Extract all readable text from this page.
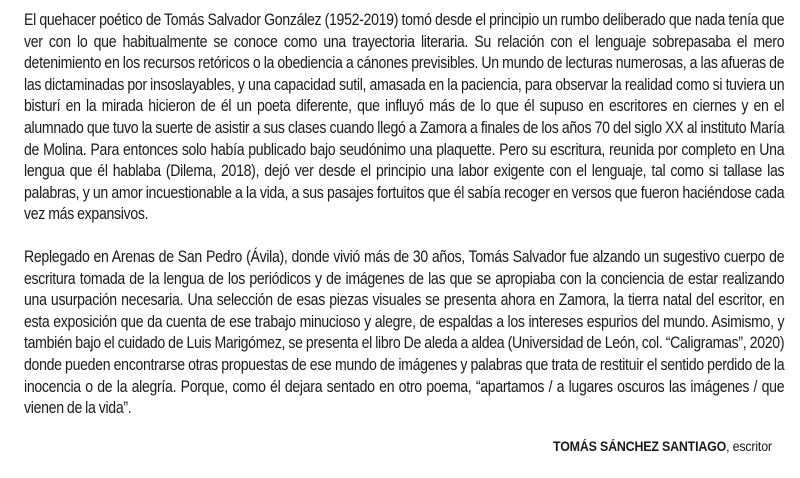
El quehacer poético de Tomás Salvador González (1952-2019) tomó desde el principio un rumbo deliberado que nada tenía que ver con lo que habitualmente se conoce como una trayectoria literaria. Su relación con el lenguaje sobrepasaba el mero detenimiento en los recursos retóricos o la obediencia a cánones previsibles. Un mundo de lecturas numerosas, a las afueras de las dictaminadas por insoslayables, y una capacidad sutil, amasada en la paciencia, para observar la realidad como si tuviera un bisturí en la mirada hicieron de él un poeta diferente, que influyó más de lo que él supuso en escritores en ciernes y en el alumnado que tuvo la suerte de asistir a sus clases cuando llegó a Zamora a finales de los años 70 del siglo XX al instituto María de Molina. Para entonces solo había publicado bajo seudónimo una plaquette. Pero su escritura, reunida por completo en Una lengua que él hablaba (Dilema, 2018), dejó ver desde el principio una labor exigente con el lenguaje, tal como si tallase las palabras, y un amor incuestionable a la vida, a sus pasajes fortuitos que él sabía recoger en versos que fueron haciéndose cada vez más expansivos.

Replegado en Arenas de San Pedro (Ávila), donde vivió más de 30 años, Tomás Salvador fue alzando un sugestivo cuerpo de escritura tomada de la lengua de los periódicos y de imágenes de las que se apropiaba con la conciencia de estar realizando una usurpación necesaria. Una selección de esas piezas visuales se presenta ahora en Zamora, la tierra natal del escritor, en esta exposición que da cuenta de ese trabajo minucioso y alegre, de espaldas a los intereses espurios del mundo. Asimismo, y también bajo el cuidado de Luis Marigómez, se presenta el libro De aleda a aldea (Universidad de León, col. “Caligramas”, 2020) donde pueden encontrarse otras propuestas de ese mundo de imágenes y palabras que trata de restituir el sentido perdido de la inocencia o de la alegría. Porque, como él dejara sentado en otro poema, “apartamos / a lugares oscuros las imágenes / que vienen de la vida”.

TOMÁS SÁNCHEZ SANTIAGO, escritor
